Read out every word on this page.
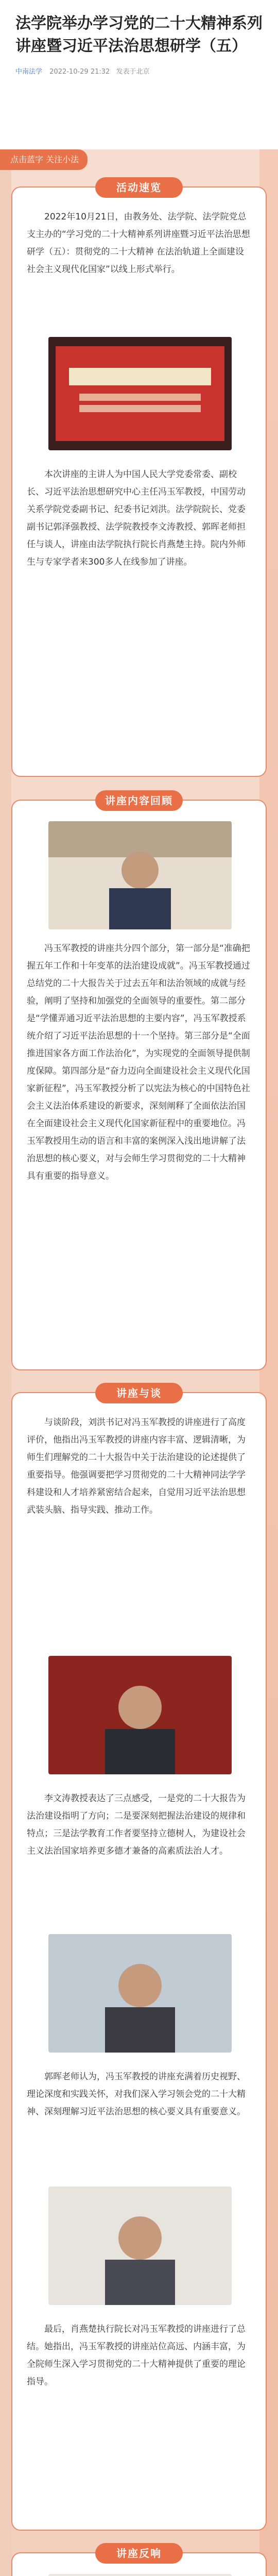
法学院举办学习党的二十大精神系列讲座暨习近平法治思想研学（五）
中南法学 2022-10-29 21:32 发表于北京
点击蓝字 关注小法
活动速览
2022年10月21日，由教务处、法学院、法学院党总支主办的“学习党的二十大精神系列讲座暨习近平法治思想研学（五）：贯彻党的二十大精神 在法治轨道上全面建设社会主义现代化国家”以线上形式举行。
本次讲座的主讲人为中国人民大学党委常委、副校长、习近平法治思想研究中心主任冯玉军教授，中国劳动关系学院党委副书记、纪委书记刘洪。法学院院长、党委副书记郭泽强教授、法学院教授李文涛教授、郭晖老师担任与谈人，讲座由法学院执行院长肖燕楚主持。院内外师生与专家学者来300多人在线参加了讲座。
讲座内容回顾
冯玉军教授的讲座共分四个部分，第一部分是“准确把握五年工作和十年变革的法治建设成就”。冯玉军教授通过总结党的二十大报告关于过去五年和法治领域的成就与经验，阐明了坚持和加强党的全面领导的重要性。第二部分是“学懂弄通习近平法治思想的主要内容”，冯玉军教授系统介绍了习近平法治思想的十一个坚持。第三部分是“全面推进国家各方面工作法治化”，为实现党的全面领导提供制度保障。第四部分是“奋力迈向全面建设社会主义现代化国家新征程”，冯玉军教授分析了以宪法为核心的中国特色社会主义法治体系建设的新要求，深刻阐释了全面依法治国在全面建设社会主义现代化国家新征程中的重要地位。冯玉军教授用生动的语言和丰富的案例深入浅出地讲解了法治思想的核心要义，对与会师生学习贯彻党的二十大精神具有重要的指导意义。
讲座与谈
与谈阶段，刘洪书记对冯玉军教授的讲座进行了高度评价，他指出冯玉军教授的讲座内容丰富、逻辑清晰，为师生们理解党的二十大报告中关于法治建设的论述提供了重要指导。他强调要把学习贯彻党的二十大精神同法学学科建设和人才培养紧密结合起来，自觉用习近平法治思想武装头脑、指导实践、推动工作。
李文涛教授表达了三点感受，一是党的二十大报告为法治建设指明了方向；二是要深刻把握法治建设的规律和特点；三是法学教育工作者要坚持立德树人，为建设社会主义法治国家培养更多德才兼备的高素质法治人才。
郭晖老师认为，冯玉军教授的讲座充满着历史视野、理论深度和实践关怀，对我们深入学习领会党的二十大精神、深刻理解习近平法治思想的核心要义具有重要意义。
最后，肖燕楚执行院长对冯玉军教授的讲座进行了总结。她指出，冯玉军教授的讲座站位高远、内涵丰富，为全院师生深入学习贯彻党的二十大精神提供了重要的理论指导。
讲座反响
